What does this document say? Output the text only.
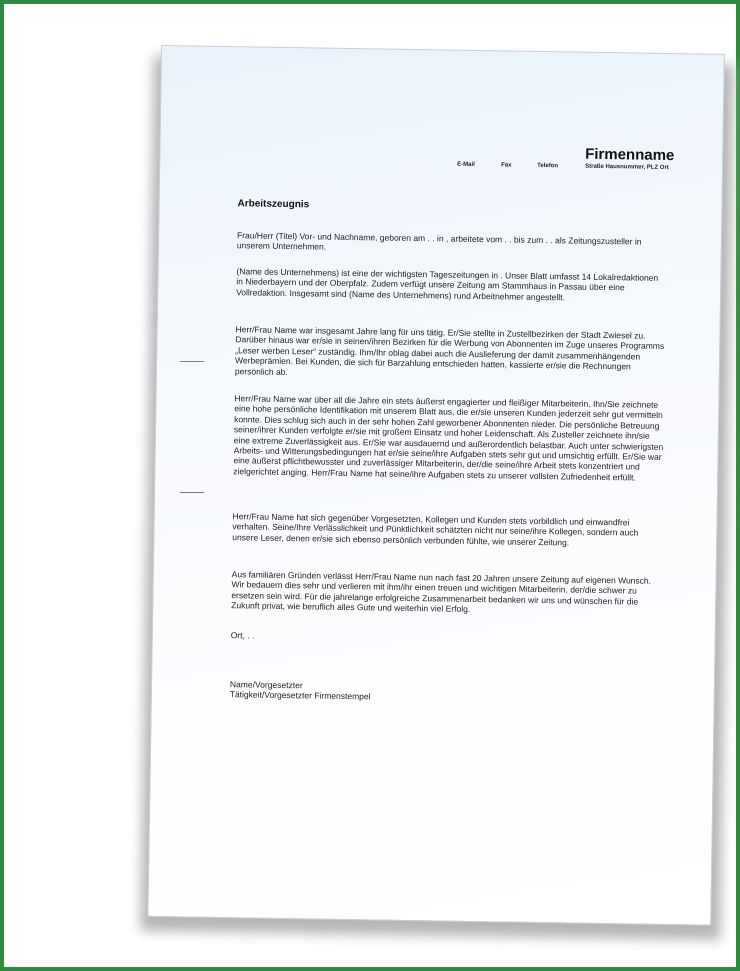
Firmenname
E-Mail	Fax	Telefon	Straße Hausnummer, PLZ Ort
Arbeitszeugnis
Frau/Herr (Titel) Vor- und Nachname, geboren am . . in , arbeitete vom . . bis zum . . als Zeitungszusteller in unserem Unternehmen.
(Name des Unternehmens) ist eine der wichtigsten Tageszeitungen in . Unser Blatt umfasst 14 Lokalredaktionen in Niederbayern und der Oberpfalz. Zudem verfügt unsere Zeitung am Stammhaus in Passau über eine Vollredaktion. Insgesamt sind (Name des Unternehmens) rund Arbeitnehmer angestellt.
Herr/Frau Name war insgesamt Jahre lang für uns tätig. Er/Sie stellte in Zustellbezirken der Stadt Zwiesel zu. Darüber hinaus war er/sie in seinen/ihren Bezirken für die Werbung von Abonnenten im Zuge unseres Programms „Leser werben Leser“ zuständig. Ihm/Ihr oblag dabei auch die Auslieferung der damit zusammenhängenden Werbeprämien. Bei Kunden, die sich für Barzahlung entschieden hatten, kassierte er/sie die Rechnungen persönlich ab.
Herr/Frau Name war über all die Jahre ein stets äußerst engagierter und fleißiger Mitarbeiterin. Ihn/Sie zeichnete eine hohe persönliche Identifikation mit unserem Blatt aus, die er/sie unseren Kunden jederzeit sehr gut vermitteln konnte. Dies schlug sich auch in der sehr hohen Zahl geworbener Abonnenten nieder. Die persönliche Betreuung seiner/ihrer Kunden verfolgte er/sie mit großem Einsatz und hoher Leidenschaft. Als Zusteller zeichnete ihn/sie eine extreme Zuverlässigkeit aus. Er/Sie war ausdauernd und außerordentlich belastbar. Auch unter schwierigsten Arbeits- und Witterungsbedingungen hat er/sie seine/ihre Aufgaben stets sehr gut und umsichtig erfüllt. Er/Sie war eine äußerst pflichtbewusster und zuverlässiger Mitarbeiterin, der/die seine/ihre Arbeit stets konzentriert und zielgerichtet anging. Herr/Frau Name hat seine/ihre Aufgaben stets zu unserer vollsten Zufriedenheit erfüllt.
Herr/Frau Name hat sich gegenüber Vorgesetzten, Kollegen und Kunden stets vorbildlich und einwandfrei verhalten. Seine/Ihre Verlässlichkeit und Pünktlichkeit schätzten nicht nur seine/ihre Kollegen, sondern auch unsere Leser, denen er/sie sich ebenso persönlich verbunden fühlte, wie unserer Zeitung.
Aus familiären Gründen verlässt Herr/Frau Name nun nach fast 20 Jahren unsere Zeitung auf eigenen Wunsch. Wir bedauern dies sehr und verlieren mit ihm/ihr einen treuen und wichtigen Mitarbeiterin, der/die schwer zu ersetzen sein wird. Für die jahrelange erfolgreiche Zusammenarbeit bedanken wir uns und wünschen für die Zukunft privat, wie beruflich alles Gute und weiterhin viel Erfolg.
Ort, . .
Name/Vorgesetzter
Tätigkeit/Vorgesetzter Firmenstempel
